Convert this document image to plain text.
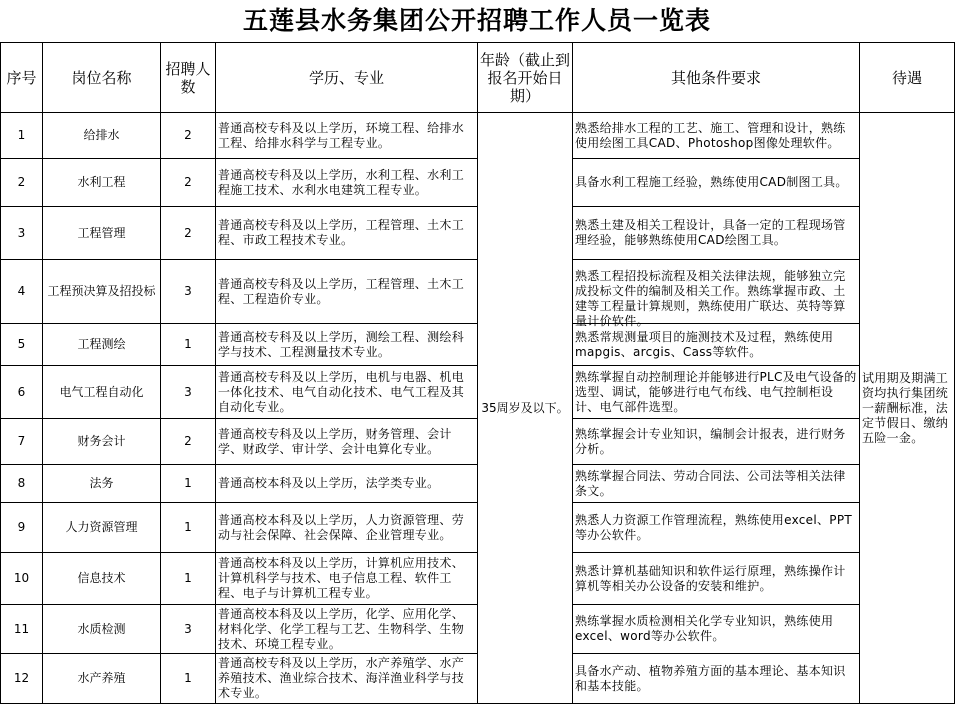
五莲县水务集团公开招聘工作人员一览表
序号	岗位名称	招聘人数	学历、专业	年龄（截止到报名开始日期）	其他条件要求	待遇
1	给排水	2	普通高校专科及以上学历，环境工程、给排水工程、给排水科学与工程专业。	35周岁及以下。	熟悉给排水工程的工艺、施工、管理和设计，熟练使用绘图工具CAD、Photoshop图像处理软件。	试用期及期满工资均执行集团统一薪酬标准，法定节假日、缴纳五险一金。
2	水利工程	2	普通高校专科及以上学历，水利工程、水利工程施工技术、水利水电建筑工程专业。		具备水利工程施工经验，熟练使用CAD制图工具。	

3	工程管理	2	普通高校专科及以上学历，工程管理、土木工程、市政工程技术专业。		熟悉土建及相关工程设计，具备一定的工程现场管理经验，能够熟练使用CAD绘图工具。	

4	工程预决算及招投标	3	普通高校专科及以上学历，工程管理、土木工程、工程造价专业。		熟悉工程招投标流程及相关法律法规，能够独立完成投标文件的编制及相关工作。熟练掌握市政、土建等工程量计算规则，熟练使用广联达、英特等算量计价软件。	

5	工程测绘	1	普通高校专科及以上学历，测绘工程、测绘科学与技术、工程测量技术专业。		熟悉常规测量项目的施测技术及过程，熟练使用mapgis、arcgis、Cass等软件。	

6	电气工程自动化	3	普通高校专科及以上学历，电机与电器、机电一体化技术、电气自动化技术、电气工程及其自动化专业。		熟练掌握自动控制理论并能够进行PLC及电气设备的选型、调试，能够进行电气布线、电气控制柜设计、电气部件选型。	

7	财务会计	2	普通高校专科及以上学历，财务管理、会计学、财政学、审计学、会计电算化专业。		熟练掌握会计专业知识，编制会计报表，进行财务分析。	

8	法务	1	普通高校本科及以上学历，法学类专业。		熟练掌握合同法、劳动合同法、公司法等相关法律条文。	

9	人力资源管理	1	普通高校本科及以上学历，人力资源管理、劳动与社会保障、社会保障、企业管理专业。		熟悉人力资源工作管理流程，熟练使用excel、PPT等办公软件。	

10	信息技术	1	普通高校本科及以上学历，计算机应用技术、计算机科学与技术、电子信息工程、软件工程、电子与计算机工程专业。		熟悉计算机基础知识和软件运行原理，熟练操作计算机等相关办公设备的安装和维护。	

11	水质检测	3	普通高校本科及以上学历，化学、应用化学、材料化学、化学工程与工艺、生物科学、生物技术、环境工程专业。		熟练掌握水质检测相关化学专业知识，熟练使用excel、word等办公软件。	

12	水产养殖	1	普通高校专科及以上学历，水产养殖学、水产养殖技术、渔业综合技术、海洋渔业科学与技术专业。		具备水产动、植物养殖方面的基本理论、基本知识和基本技能。	
